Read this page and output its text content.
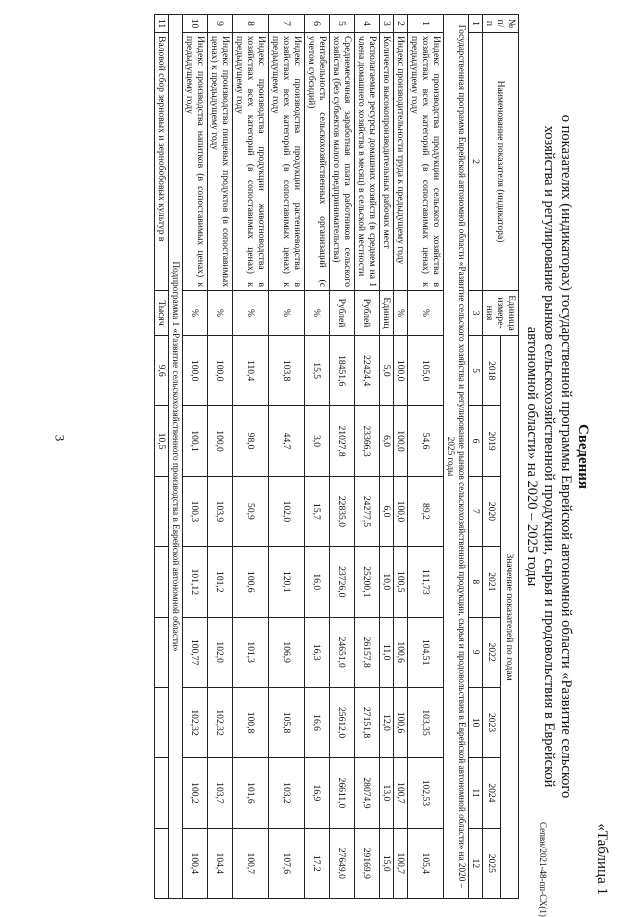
3
Сепвн/2021-48-пп-СХ(1)	«Таблица 1
Сведения
о показателях (индикаторах) государственной программы Еврейской автономной области «Развитие сельского
хозяйства и регулирование рынков сельскохозяйственной продукции, сырья и продовольствия в Еврейской
автономной области» на 2020 – 2025 годы
№
п/
п	Наименование показателя (индикатора)	Единица измере-ния	Значение показателей по годам							
			2018	2019	2020	2021	2022	2023	2024	2025
1	2	3	5	6	7	8	9	10	11	12
Государственная программа Еврейской автономной области «Развитие сельского хозяйства и регулирование рынков сельскохозяйственной продукции, сырья и продовольствия в Еврейской автономной области» на 2020 – 2025 годы										
1	Индекс производства продукции сельского хозяйства в хозяйствах всех категорий (в сопоставимых ценах) к предыдущему году	%	105,0	54,6	89,2	111,73	104,51	103,35	102,53	105,4
2	Индекс производительности труда к предыдущему году	%	100,0	100,0	100,0	100,5	100,6	100,6	100,7	100,7
3	Количество высокопроизводительных рабочих мест	Единиц	5,0	6,0	6,0	10,0	11,0	12,0	13,0	15,0
4	Располагаемые ресурсы домашних хозяйств (в среднем на 1 члена домашнего хозяйства в месяц) в сельской местности	Рублей	22424,4	23366,3	24277,5	25200,1	26157,8	27151,8	28074,9	29169,9
5	Среднемесячная заработная плата работников сельского хозяйства (без субъектов малого предпринимательства)	Рублей	18451,6	21027,8	22835,0	23726,0	24651,0	25612,0	26611,0	27649,0
6	Рентабельность сельскохозяйственных организаций (с учетом субсидий)	%	15,5	3,0	15,7	16,0	16,3	16,6	16,9	17,2
7	Индекс производства продукции растениеводства в хозяйствах всех категорий (в сопоставимых ценах) к предыдущему году	%	103,8	44,7	102,0	120,1	106,9	105,8	103,2	107,6
8	Индекс производства продукции животноводства в хозяйствах всех категорий (в сопоставимых ценах) к предыдущему году	%	110,4	98,0	50,9	100,6	101,3	100,8	101,6	100,7
9	Индекс производства пищевых продуктов (в сопоставимых ценах) к предыдущему году	%	100,0	100,0	103,9	101,2	102,0	102,32	103,7	104,4
10	Индекс производства напитков (в сопоставимых ценах) к предыдущему году	%	100,0	100,1	100,3	101,12	100,77	102,32	100,2	100,4
Подпрограмма 1 «Развитие сельскохозяйственного производства в Еврейской автономной области»										
11	Валовой сбор зерновых и зернобобовых культур в	Тысяч	9,6	10,5						
